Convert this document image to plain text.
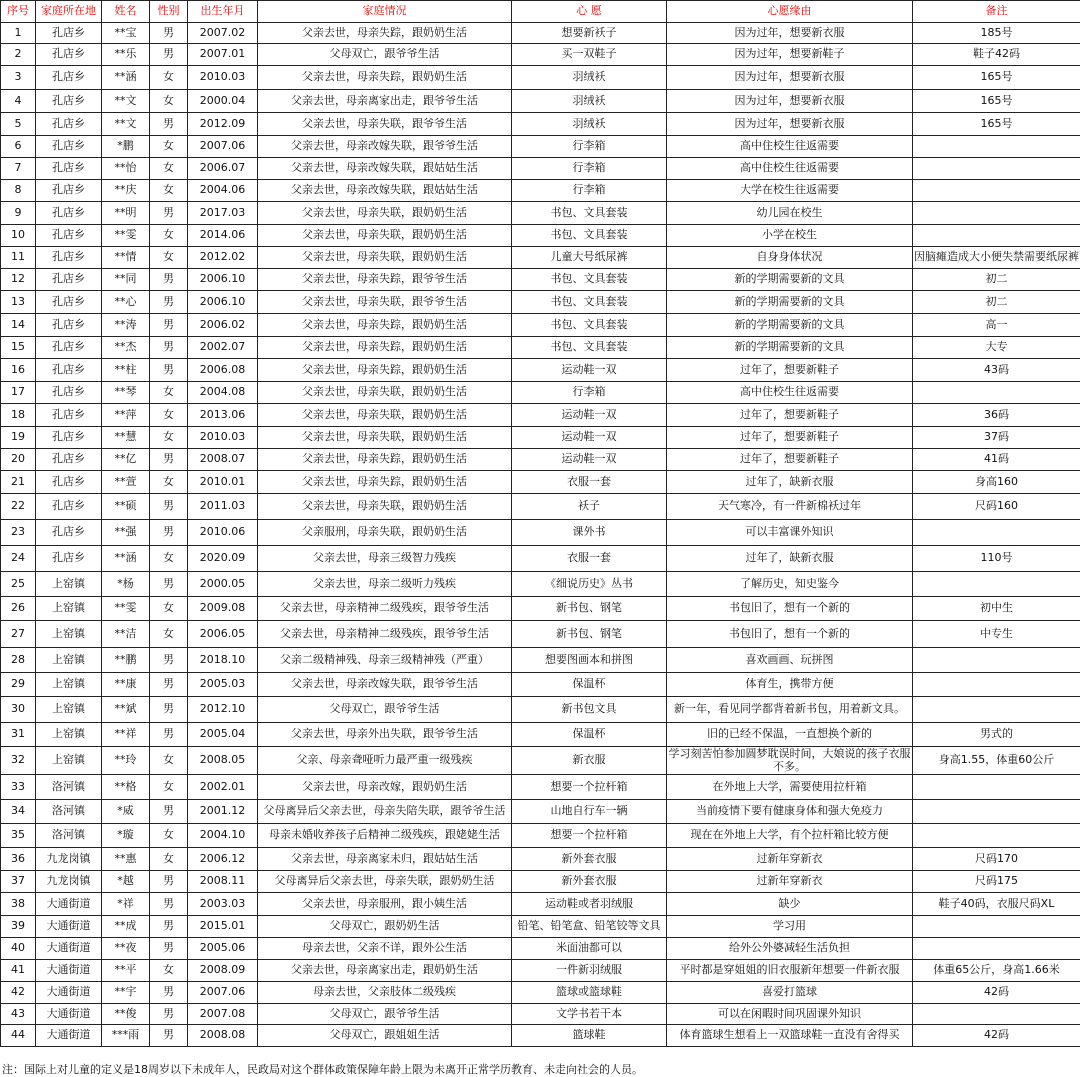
序号	家庭所在地	姓名	性别	出生年月	家庭情况	心 愿	心愿缘由	备注
1	孔店乡	**宝	男	2007.02	父亲去世，母亲失踪，跟奶奶生活	想要新袄子	因为过年，想要新衣服	185号
2	孔店乡	**乐	男	2007.01	父母双亡，跟爷爷生活	买一双鞋子	因为过年，想要新鞋子	鞋子42码
3	孔店乡	**涵	女	2010.03	父亲去世，母亲失踪，跟奶奶生活	羽绒袄	因为过年，想要新衣服	165号
4	孔店乡	**文	女	2000.04	父亲去世，母亲离家出走，跟爷爷生活	羽绒袄	因为过年，想要新衣服	165号
5	孔店乡	**文	男	2012.09	父亲去世，母亲失联，跟爷爷生活	羽绒袄	因为过年，想要新衣服	165号
6	孔店乡	*鹏	女	2007.06	父亲去世，母亲改嫁失联，跟爷爷生活	行李箱	高中住校生往返需要	
7	孔店乡	**怡	女	2006.07	父亲去世，母亲改嫁失联，跟姑姑生活	行李箱	高中住校生往返需要	
8	孔店乡	**庆	女	2004.06	父亲去世，母亲改嫁失联，跟姑姑生活	行李箱	大学在校生往返需要	
9	孔店乡	**明	男	2017.03	父亲去世，母亲失联，跟奶奶生活	书包、文具套装	幼儿园在校生	
10	孔店乡	**雯	女	2014.06	父亲去世，母亲失联，跟奶奶生活	书包、文具套装	小学在校生	
11	孔店乡	**情	女	2012.02	父亲去世，母亲失联，跟奶奶生活	儿童大号纸尿裤	自身身体状况	因脑瘫造成大小便失禁需要纸尿裤
12	孔店乡	**同	男	2006.10	父亲去世，母亲失踪，跟爷爷生活	书包、文具套装	新的学期需要新的文具	初二
13	孔店乡	**心	男	2006.10	父亲去世，母亲失联，跟爷爷生活	书包、文具套装	新的学期需要新的文具	初二
14	孔店乡	**涛	男	2006.02	父亲去世，母亲失踪，跟奶奶生活	书包、文具套装	新的学期需要新的文具	高一
15	孔店乡	**杰	男	2002.07	父亲去世，母亲失踪，跟奶奶生活	书包、文具套装	新的学期需要新的文具	大专
16	孔店乡	**柱	男	2006.08	父亲去世，母亲失踪，跟奶奶生活	运动鞋一双	过年了，想要新鞋子	43码
17	孔店乡	**琴	女	2004.08	父亲去世，母亲失联，跟奶奶生活	行李箱	高中住校生往返需要	
18	孔店乡	**萍	女	2013.06	父亲去世，母亲失联，跟奶奶生活	运动鞋一双	过年了，想要新鞋子	36码
19	孔店乡	**慧	女	2010.03	父亲去世，母亲失联，跟奶奶生活	运动鞋一双	过年了，想要新鞋子	37码
20	孔店乡	**亿	男	2008.07	父亲去世，母亲失踪，跟奶奶生活	运动鞋一双	过年了，想要新鞋子	41码
21	孔店乡	**萱	女	2010.01	父亲去世，母亲失踪，跟奶奶生活	衣服一套	过年了，缺新衣服	身高160
22	孔店乡	**硕	男	2011.03	父亲去世，母亲失联，跟奶奶生活	袄子	天气寒冷，有一件新棉袄过年	尺码160
23	孔店乡	**强	男	2010.06	父亲服刑，母亲失联，跟奶奶生活	课外书	可以丰富课外知识	
24	孔店乡	**涵	女	2020.09	父亲去世，母亲三级智力残疾	衣服一套	过年了，缺新衣服	110号
25	上窑镇	*杨	男	2000.05	父亲去世，母亲二级听力残疾	《细说历史》丛书	了解历史，知史鉴今	
26	上窑镇	**雯	女	2009.08	父亲去世，母亲精神二级残疾，跟爷爷生活	新书包、钢笔	书包旧了，想有一个新的	初中生
27	上窑镇	**洁	女	2006.05	父亲去世，母亲精神二级残疾，跟爷爷生活	新书包、钢笔	书包旧了，想有一个新的	中专生
28	上窑镇	**鹏	男	2018.10	父亲二级精神残、母亲三级精神残（严重）	想要图画本和拼图	喜欢画画、玩拼图	
29	上窑镇	**康	男	2005.03	父亲去世，母亲改嫁失联，跟爷爷生活	保温杯	体育生，携带方便	
30	上窑镇	**斌	男	2012.10	父母双亡，跟爷爷生活	新书包文具	新一年，看见同学都背着新书包，用着新文具。	
31	上窑镇	**祥	男	2005.04	父亲去世，母亲外出失联，跟爷爷生活	保温杯	旧的已经不保温，一直想换个新的	男式的
32	上窑镇	**玲	女	2008.05	父亲、母亲聋哑听力最严重一级残疾	新衣服	学习刻苦怕参加圆梦耽误时间，大娘说的孩子衣服不多。	身高1.55，体重60公斤
33	洛河镇	**格	女	2002.01	父亲去世，母亲改嫁，跟奶奶生活	想要一个拉杆箱	在外地上大学，需要使用拉杆箱	
34	洛河镇	*威	男	2001.12	父母离异后父亲去世，母亲失陪失联，跟爷爷生活	山地自行车一辆	当前疫情下要有健康身体和强大免疫力	
35	洛河镇	*璇	女	2004.10	母亲未婚收养孩子后精神二级残疾，跟姥姥生活	想要一个拉杆箱	现在在外地上大学，有个拉杆箱比较方便	
36	九龙岗镇	**惠	女	2006.12	父亲去世，母亲离家未归，跟姑姑生活	新外套衣服	过新年穿新衣	尺码170
37	九龙岗镇	*越	男	2008.11	父母离异后父亲去世，母亲失联，跟奶奶生活	新外套衣服	过新年穿新衣	尺码175
38	大通街道	*祥	男	2003.03	父亲去世，母亲服刑，跟小姨生活	运动鞋或者羽绒服	缺少	鞋子40码，衣服尺码XL
39	大通街道	**成	男	2015.01	父母双亡，跟奶奶生活	铅笔、铅笔盒、铅笔铰等文具	学习用	
40	大通街道	**夜	男	2005.06	母亲去世，父亲不详，跟外公生活	米面油都可以	给外公外婆减轻生活负担	
41	大通街道	**平	女	2008.09	父亲去世，母亲离家出走，跟奶奶生活	一件新羽绒服	平时都是穿姐姐的旧衣服新年想要一件新衣服	体重65公斤，身高1.66米
42	大通街道	**宇	男	2007.06	母亲去世，父亲肢体二级残疾	篮球或篮球鞋	喜爱打篮球	42码
43	大通街道	**俊	男	2007.08	父母双亡，跟爷爷生活	文学书若干本	可以在闲暇时间巩固课外知识	
44	大通街道	***雨	男	2008.08	父母双亡，跟姐姐生活	篮球鞋	体育篮球生想看上一双篮球鞋一直没有舍得买	42码
注：国际上对儿童的定义是18周岁以下未成年人，民政局对这个群体政策保障年龄上限为未离开正常学历教育、未走向社会的人员。
